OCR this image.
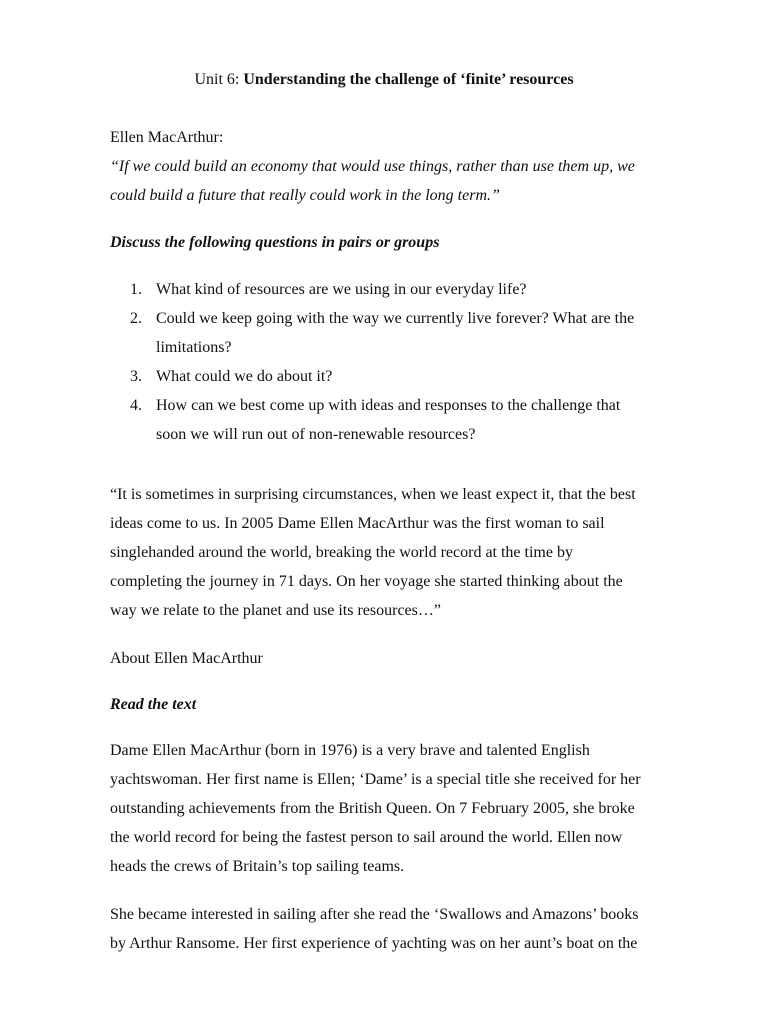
Unit 6: Understanding the challenge of ‘finite’ resources
Ellen MacArthur:
“If we could build an economy that would use things, rather than use them up, we
could build a future that really could work in the long term.”
Discuss the following questions in pairs or groups
1. What kind of resources are we using in our everyday life?
2. Could we keep going with the way we currently live forever? What are the
limitations?
3. What could we do about it?
4. How can we best come up with ideas and responses to the challenge that
soon we will run out of non-renewable resources?
“It is sometimes in surprising circumstances, when we least expect it, that the best
ideas come to us. In 2005 Dame Ellen MacArthur was the first woman to sail
singlehanded around the world, breaking the world record at the time by
completing the journey in 71 days. On her voyage she started thinking about the
way we relate to the planet and use its resources…”
About Ellen MacArthur
Read the text
Dame Ellen MacArthur (born in 1976) is a very brave and talented English
yachtswoman. Her first name is Ellen; ‘Dame’ is a special title she received for her
outstanding achievements from the British Queen. On 7 February 2005, she broke
the world record for being the fastest person to sail around the world. Ellen now
heads the crews of Britain’s top sailing teams.
She became interested in sailing after she read the ‘Swallows and Amazons’ books
by Arthur Ransome. Her first experience of yachting was on her aunt’s boat on the
